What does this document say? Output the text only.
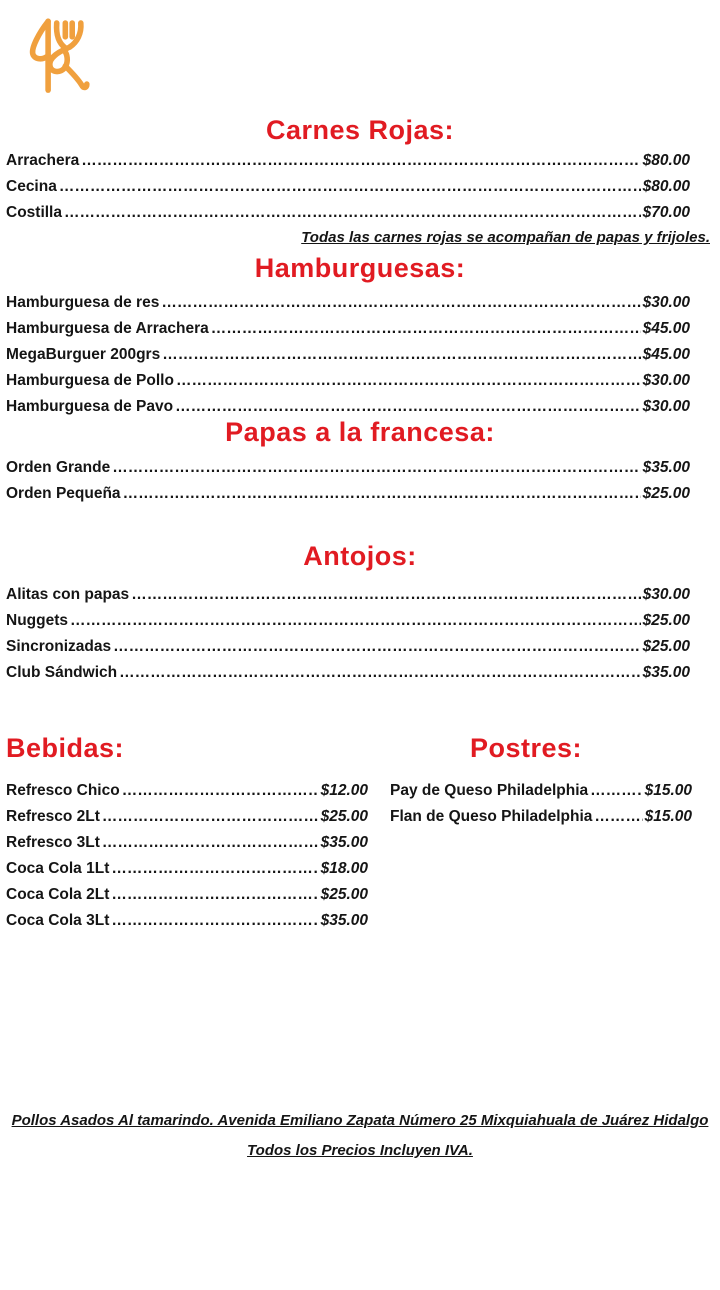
Carnes Rojas:
Arrachera ……………………………………………………………………………………………………………………………………………………………………………………………………………………………	$80.00
Cecina ……………………………………………………………………………………………………………………………………………………………………………………………………………………………	$80.00
Costilla ……………………………………………………………………………………………………………………………………………………………………………………………………………………………	$70.00
Todas las carnes rojas se acompañan de papas y frijoles.
Hamburguesas:
Hamburguesa de res ……………………………………………………………………………………………………………………………………………………………………………………………………………………………	$30.00
Hamburguesa de Arrachera ……………………………………………………………………………………………………………………………………………………………………………………………………………………………	$45.00
MegaBurguer 200grs ……………………………………………………………………………………………………………………………………………………………………………………………………………………………	$45.00
Hamburguesa de Pollo ……………………………………………………………………………………………………………………………………………………………………………………………………………………………	$30.00
Hamburguesa de Pavo ……………………………………………………………………………………………………………………………………………………………………………………………………………………………	$30.00
Papas a la francesa:
Orden Grande ……………………………………………………………………………………………………………………………………………………………………………………………………………………………	$35.00
Orden Pequeña ……………………………………………………………………………………………………………………………………………………………………………………………………………………………	$25.00
Antojos:
Alitas con papas ……………………………………………………………………………………………………………………………………………………………………………………………………………………………	$30.00
Nuggets ……………………………………………………………………………………………………………………………………………………………………………………………………………………………	$25.00
Sincronizadas ……………………………………………………………………………………………………………………………………………………………………………………………………………………………	$25.00
Club Sándwich ……………………………………………………………………………………………………………………………………………………………………………………………………………………………	$35.00
Bebidas:
Refresco Chico ……………………………………………………………………………………………………………………………………………………………………………………………………………………………	$12.00
Refresco 2Lt ……………………………………………………………………………………………………………………………………………………………………………………………………………………………	$25.00
Refresco 3Lt ……………………………………………………………………………………………………………………………………………………………………………………………………………………………	$35.00
Coca Cola 1Lt ……………………………………………………………………………………………………………………………………………………………………………………………………………………………	$18.00
Coca Cola 2Lt ……………………………………………………………………………………………………………………………………………………………………………………………………………………………	$25.00
Coca Cola 3Lt ……………………………………………………………………………………………………………………………………………………………………………………………………………………………	$35.00
Postres:
Pay de Queso Philadelphia ……………………………………………………………………………………………………………………………………………………………………………………………………………………………	$15.00
Flan de Queso Philadelphia ……………………………………………………………………………………………………………………………………………………………………………………………………………………………	$15.00
Pollos Asados Al tamarindo. Avenida Emiliano Zapata Número 25 Mixquiahuala de Juárez Hidalgo
Todos los Precios Incluyen IVA.
